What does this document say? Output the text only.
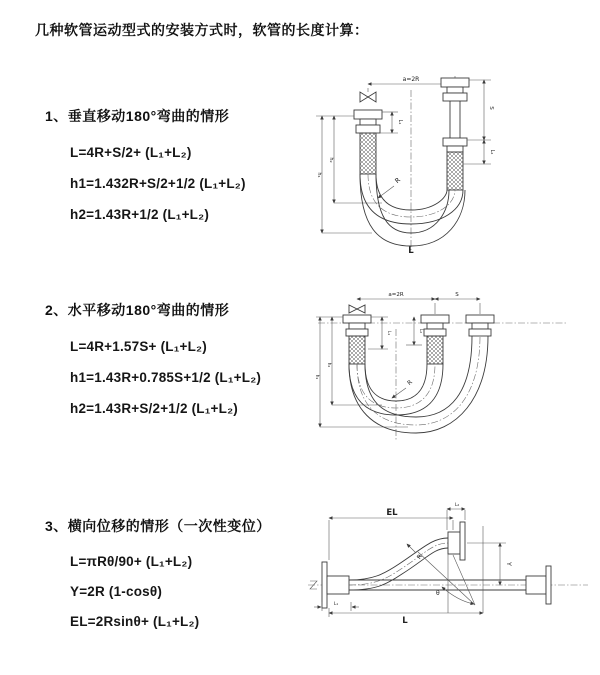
几种软管运动型式的安装方式时，软管的长度计算：
1、垂直移动180°弯曲的情形
L=4R+S/2+ (L₁+L₂)
h1=1.432R+S/2+1/2 (L₁+L₂)
h2=1.43R+1/2 (L₁+L₂)
a=2R
L₁
S
L₂
h₁
h₂
R
L
2、水平移动180°弯曲的情形
L=4R+1.57S+ (L₁+L₂)
h1=1.43R+0.785S+1/2 (L₁+L₂)
h2=1.43R+S/2+1/2 (L₁+L₂)
a=2R	S
L₁	L₂
h₁
h₂
R
3、横向位移的情形（一次性变位）
L=πRθ/90+ (L₁+L₂)
Y=2R (1-cosθ)
EL=2Rsinθ+ (L₁+L₂)
EL
L₂
Y
θ
R
L₁
L
